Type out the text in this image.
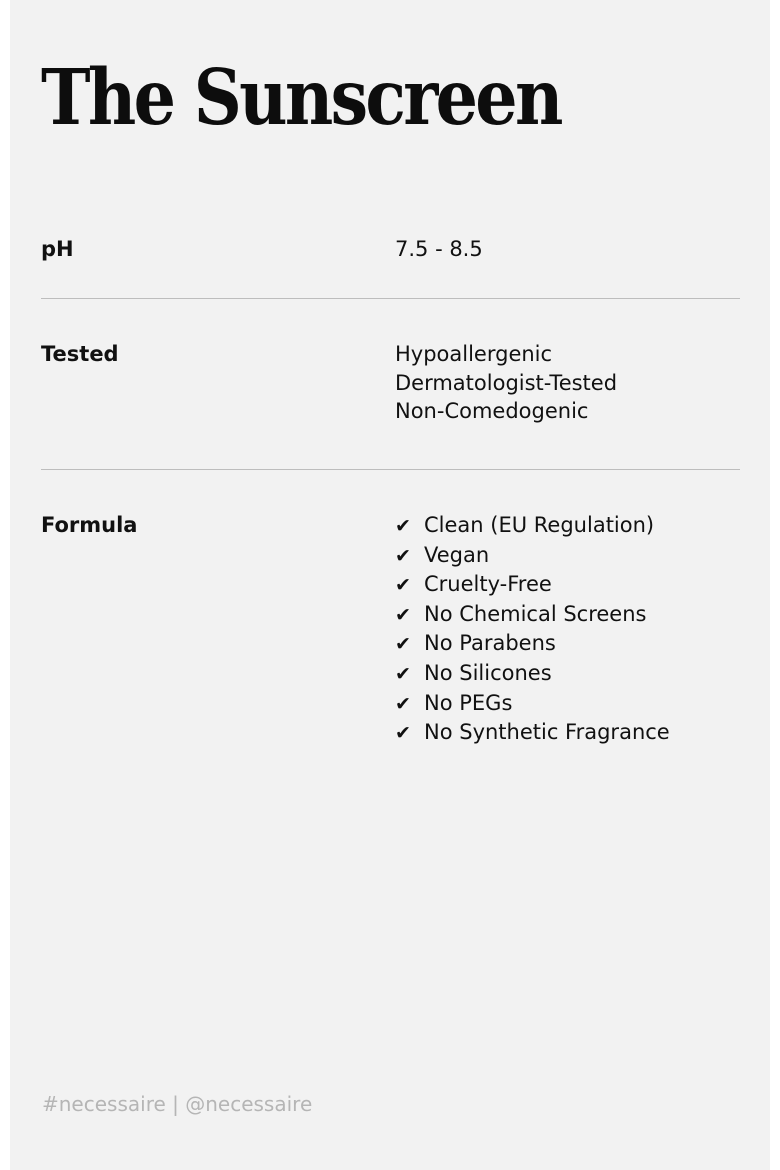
The Sunscreen
pH	7.5 - 8.5
Tested	Hypoallergenic
Dermatologist-Tested
Non-Comedogenic
Formula	✔ Clean (EU Regulation)
✔ Vegan
✔ Cruelty-Free
✔ No Chemical Screens
✔ No Parabens
✔ No Silicones
✔ No PEGs
✔ No Synthetic Fragrance
#necessaire | @necessaire
